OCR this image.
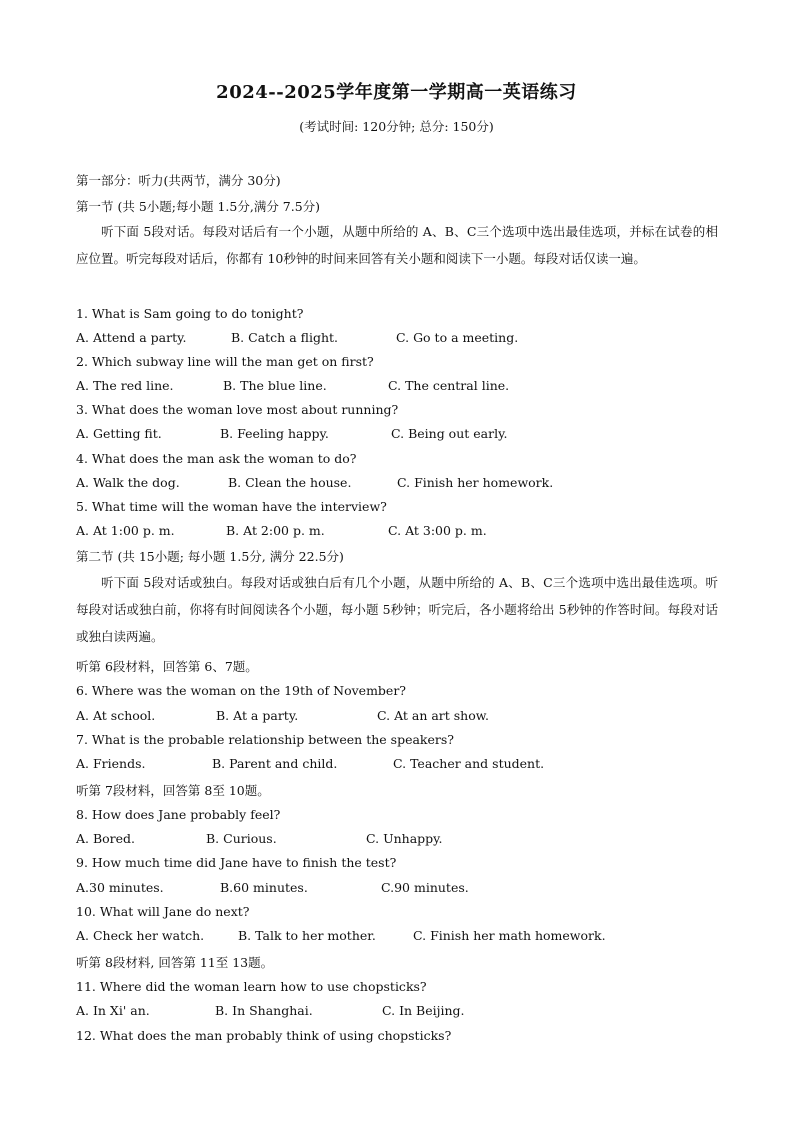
2024--2025学年度第一学期高一英语练习
(考试时间: 120分钟; 总分: 150分)
第一部分：听力(共两节，满分 30分)
第一节 (共 5小题;每小题 1.5分,满分 7.5分)
听下面 5段对话。每段对话后有一个小题，从题中所给的 A、B、C三个选项中选出最佳选项，并标在试卷的相应位置。听完每段对话后，你都有 10秒钟的时间来回答有关小题和阅读下一小题。每段对话仅读一遍。
1. What is Sam going to do tonight?
A. Attend a party.	B. Catch a flight.	C. Go to a meeting.
2. Which subway line will the man get on first?
A. The red line.	B. The blue line.	C. The central line.
3. What does the woman love most about running?
A. Getting fit.	B. Feeling happy.	C. Being out early.
4. What does the man ask the woman to do?
A. Walk the dog.	B. Clean the house.	C. Finish her homework.
5. What time will the woman have the interview?
A. At 1:00 p. m.	B. At 2:00 p. m.	C. At 3:00 p. m.
第二节 (共 15小题; 每小题 1.5分, 满分 22.5分)
听下面 5段对话或独白。每段对话或独白后有几个小题，从题中所给的 A、B、C三个选项中选出最佳选项。听每段对话或独白前，你将有时间阅读各个小题，每小题 5秒钟；听完后，各小题将给出 5秒钟的作答时间。每段对话或独白读两遍。
听第 6段材料，回答第 6、7题。
6. Where was the woman on the 19th of November?
A. At school.	B. At a party.	C. At an art show.
7. What is the probable relationship between the speakers?
A. Friends.	B. Parent and child.	C. Teacher and student.
听第 7段材料，回答第 8至 10题。
8. How does Jane probably feel?
A. Bored.	B. Curious.	C. Unhappy.
9. How much time did Jane have to finish the test?
A.30 minutes.	B.60 minutes.	C.90 minutes.
10. What will Jane do next?
A. Check her watch.	B. Talk to her mother.	C. Finish her math homework.
听第 8段材料, 回答第 11至 13题。
11. Where did the woman learn how to use chopsticks?
A. In Xi' an.	B. In Shanghai.	C. In Beijing.
12. What does the man probably think of using chopsticks?
